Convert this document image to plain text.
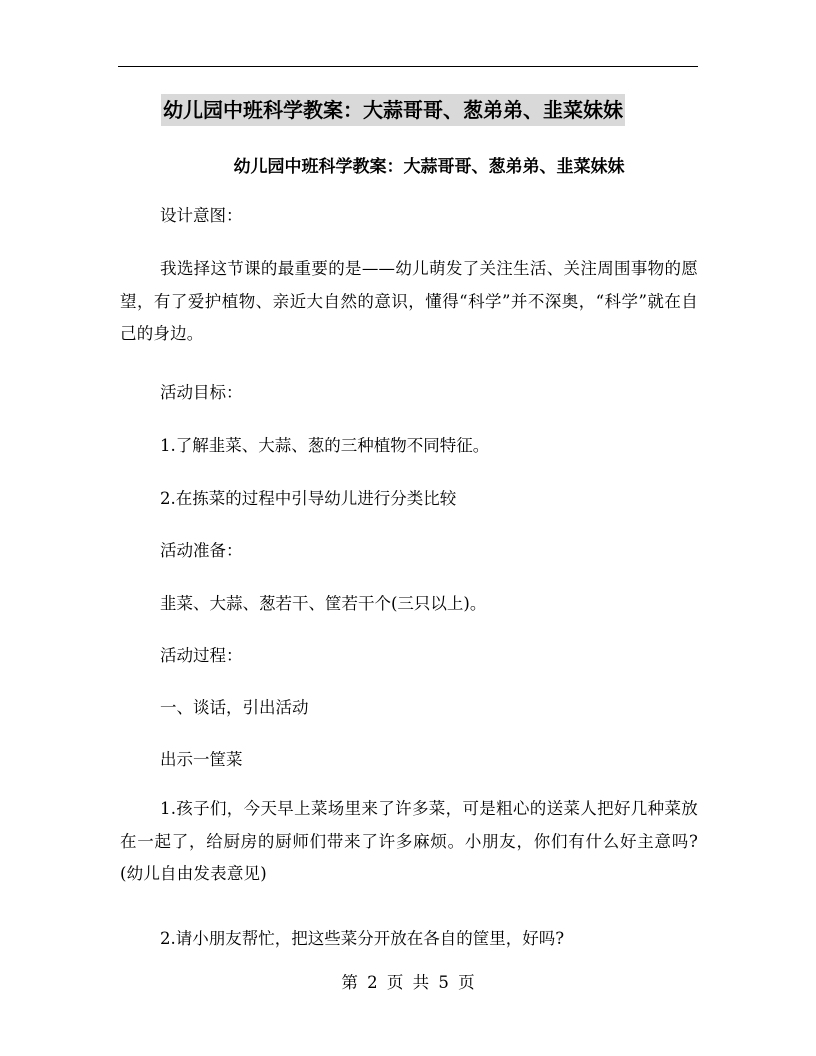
幼儿园中班科学教案：大蒜哥哥、葱弟弟、韭菜妹妹
幼儿园中班科学教案：大蒜哥哥、葱弟弟、韭菜妹妹
设计意图：
我选择这节课的最重要的是——幼儿萌发了关注生活、关注周围事物的愿望，有了爱护植物、亲近大自然的意识，懂得“科学”并不深奥，“科学”就在自己的身边。
活动目标：
1.了解韭菜、大蒜、葱的三种植物不同特征。
2.在拣菜的过程中引导幼儿进行分类比较
活动准备：
韭菜、大蒜、葱若干、筐若干个(三只以上)。
活动过程：
一、谈话，引出活动
出示一筐菜
1.孩子们，今天早上菜场里来了许多菜，可是粗心的送菜人把好几种菜放在一起了，给厨房的厨师们带来了许多麻烦。小朋友，你们有什么好主意吗?(幼儿自由发表意见)
2.请小朋友帮忙，把这些菜分开放在各自的筐里，好吗?
第 2 页 共 5 页
